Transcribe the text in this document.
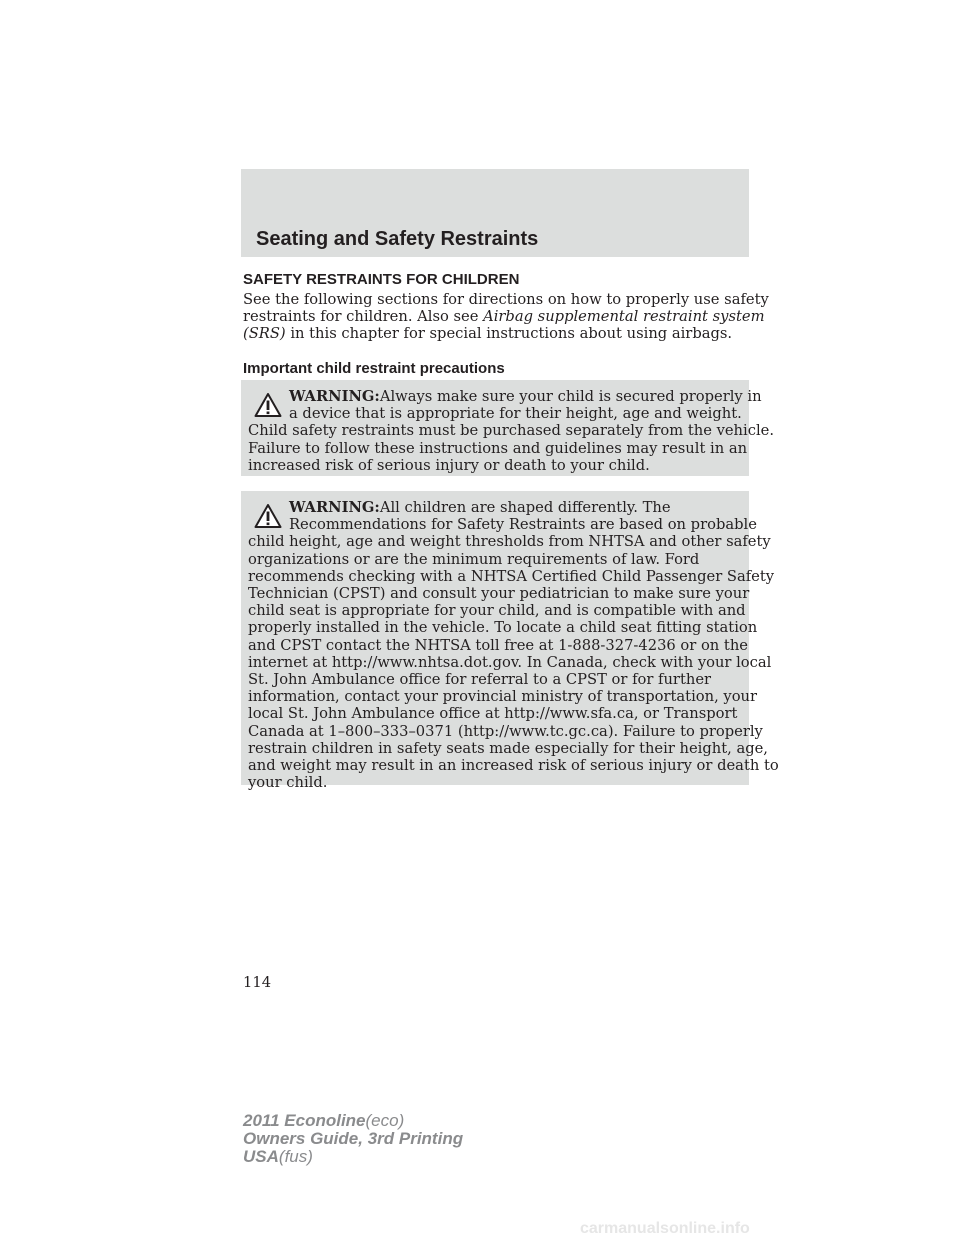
Seating and Safety Restraints
SAFETY RESTRAINTS FOR CHILDREN
See the following sections for directions on how to properly use safety
restraints for children. Also see Airbag supplemental restraint system
(SRS) in this chapter for special instructions about using airbags.
Important child restraint precautions
WARNING:Always make sure your child is secured properly in
a device that is appropriate for their height, age and weight.
Child safety restraints must be purchased separately from the vehicle.
Failure to follow these instructions and guidelines may result in an
increased risk of serious injury or death to your child.
WARNING:All children are shaped differently. The
Recommendations for Safety Restraints are based on probable
child height, age and weight thresholds from NHTSA and other safety
organizations or are the minimum requirements of law. Ford
recommends checking with a NHTSA Certified Child Passenger Safety
Technician (CPST) and consult your pediatrician to make sure your
child seat is appropriate for your child, and is compatible with and
properly installed in the vehicle. To locate a child seat fitting station
and CPST contact the NHTSA toll free at 1-888-327-4236 or on the
internet at http://www.nhtsa.dot.gov. In Canada, check with your local
St. John Ambulance office for referral to a CPST or for further
information, contact your provincial ministry of transportation, your
local St. John Ambulance office at http://www.sfa.ca, or Transport
Canada at 1–800–333–0371 (http://www.tc.gc.ca). Failure to properly
restrain children in safety seats made especially for their height, age,
and weight may result in an increased risk of serious injury or death to
your child.
114
2011 Econoline(eco)
Owners Guide, 3rd Printing
USA(fus)
carmanualsonline.info
